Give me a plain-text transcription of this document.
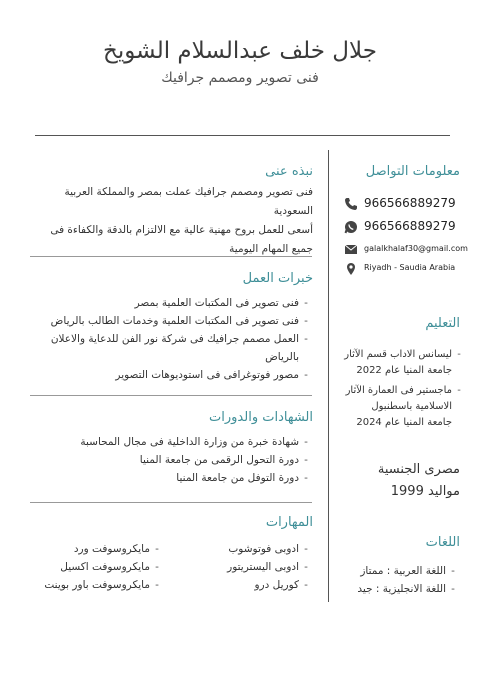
جلال خلف عبدالسلام الشويخ
فنى تصوير ومصمم جرافيك
معلومات التواصل
966566889279
966566889279
galalkhalaf30@gmail.com
Riyadh - Saudia Arabia
التعليم
-ليسانس الاداب قسم الآثار
جامعة المنيا عام 2022
-ماجستير فى العمارة الآثار
الاسلامية باسطنبول
جامعة المنيا عام 2024
مصرى الجنسية
مواليد 1999
اللغات
-اللغة العربية : ممتاز
-اللغة الانجليزية : جيد
نبذه عنى
فنى تصوير ومصمم جرافيك عملت بمصر والمملكة العربية السعودية
أسعى للعمل بروح مهنية عالية مع الالتزام بالدقة والكفاءة فى
جميع المهام اليومية
خبرات العمل
-فنى تصوير فى المكتبات العلمية بمصر
-فنى تصوير فى المكتبات العلمية وخدمات الطالب بالرياض
-العمل مصمم جرافيك فى شركة نور الفن للدعاية والاعلان
بالرياض
-مصور فوتوغرافى فى استوديوهات التصوير
الشهادات والدورات
-شهادة خبرة من وزارة الداخلية فى مجال المحاسبة
-دورة التحول الرقمى من جامعة المنيا
-دورة التوفل من جامعة المنيا
المهارات
-ادوبى فوتوشوب
-ادوبى اليستريتور
-كوريل درو
-مايكروسوفت ورد
-مايكروسوفت اكسيل
-مايكروسوفت باور بوينت
